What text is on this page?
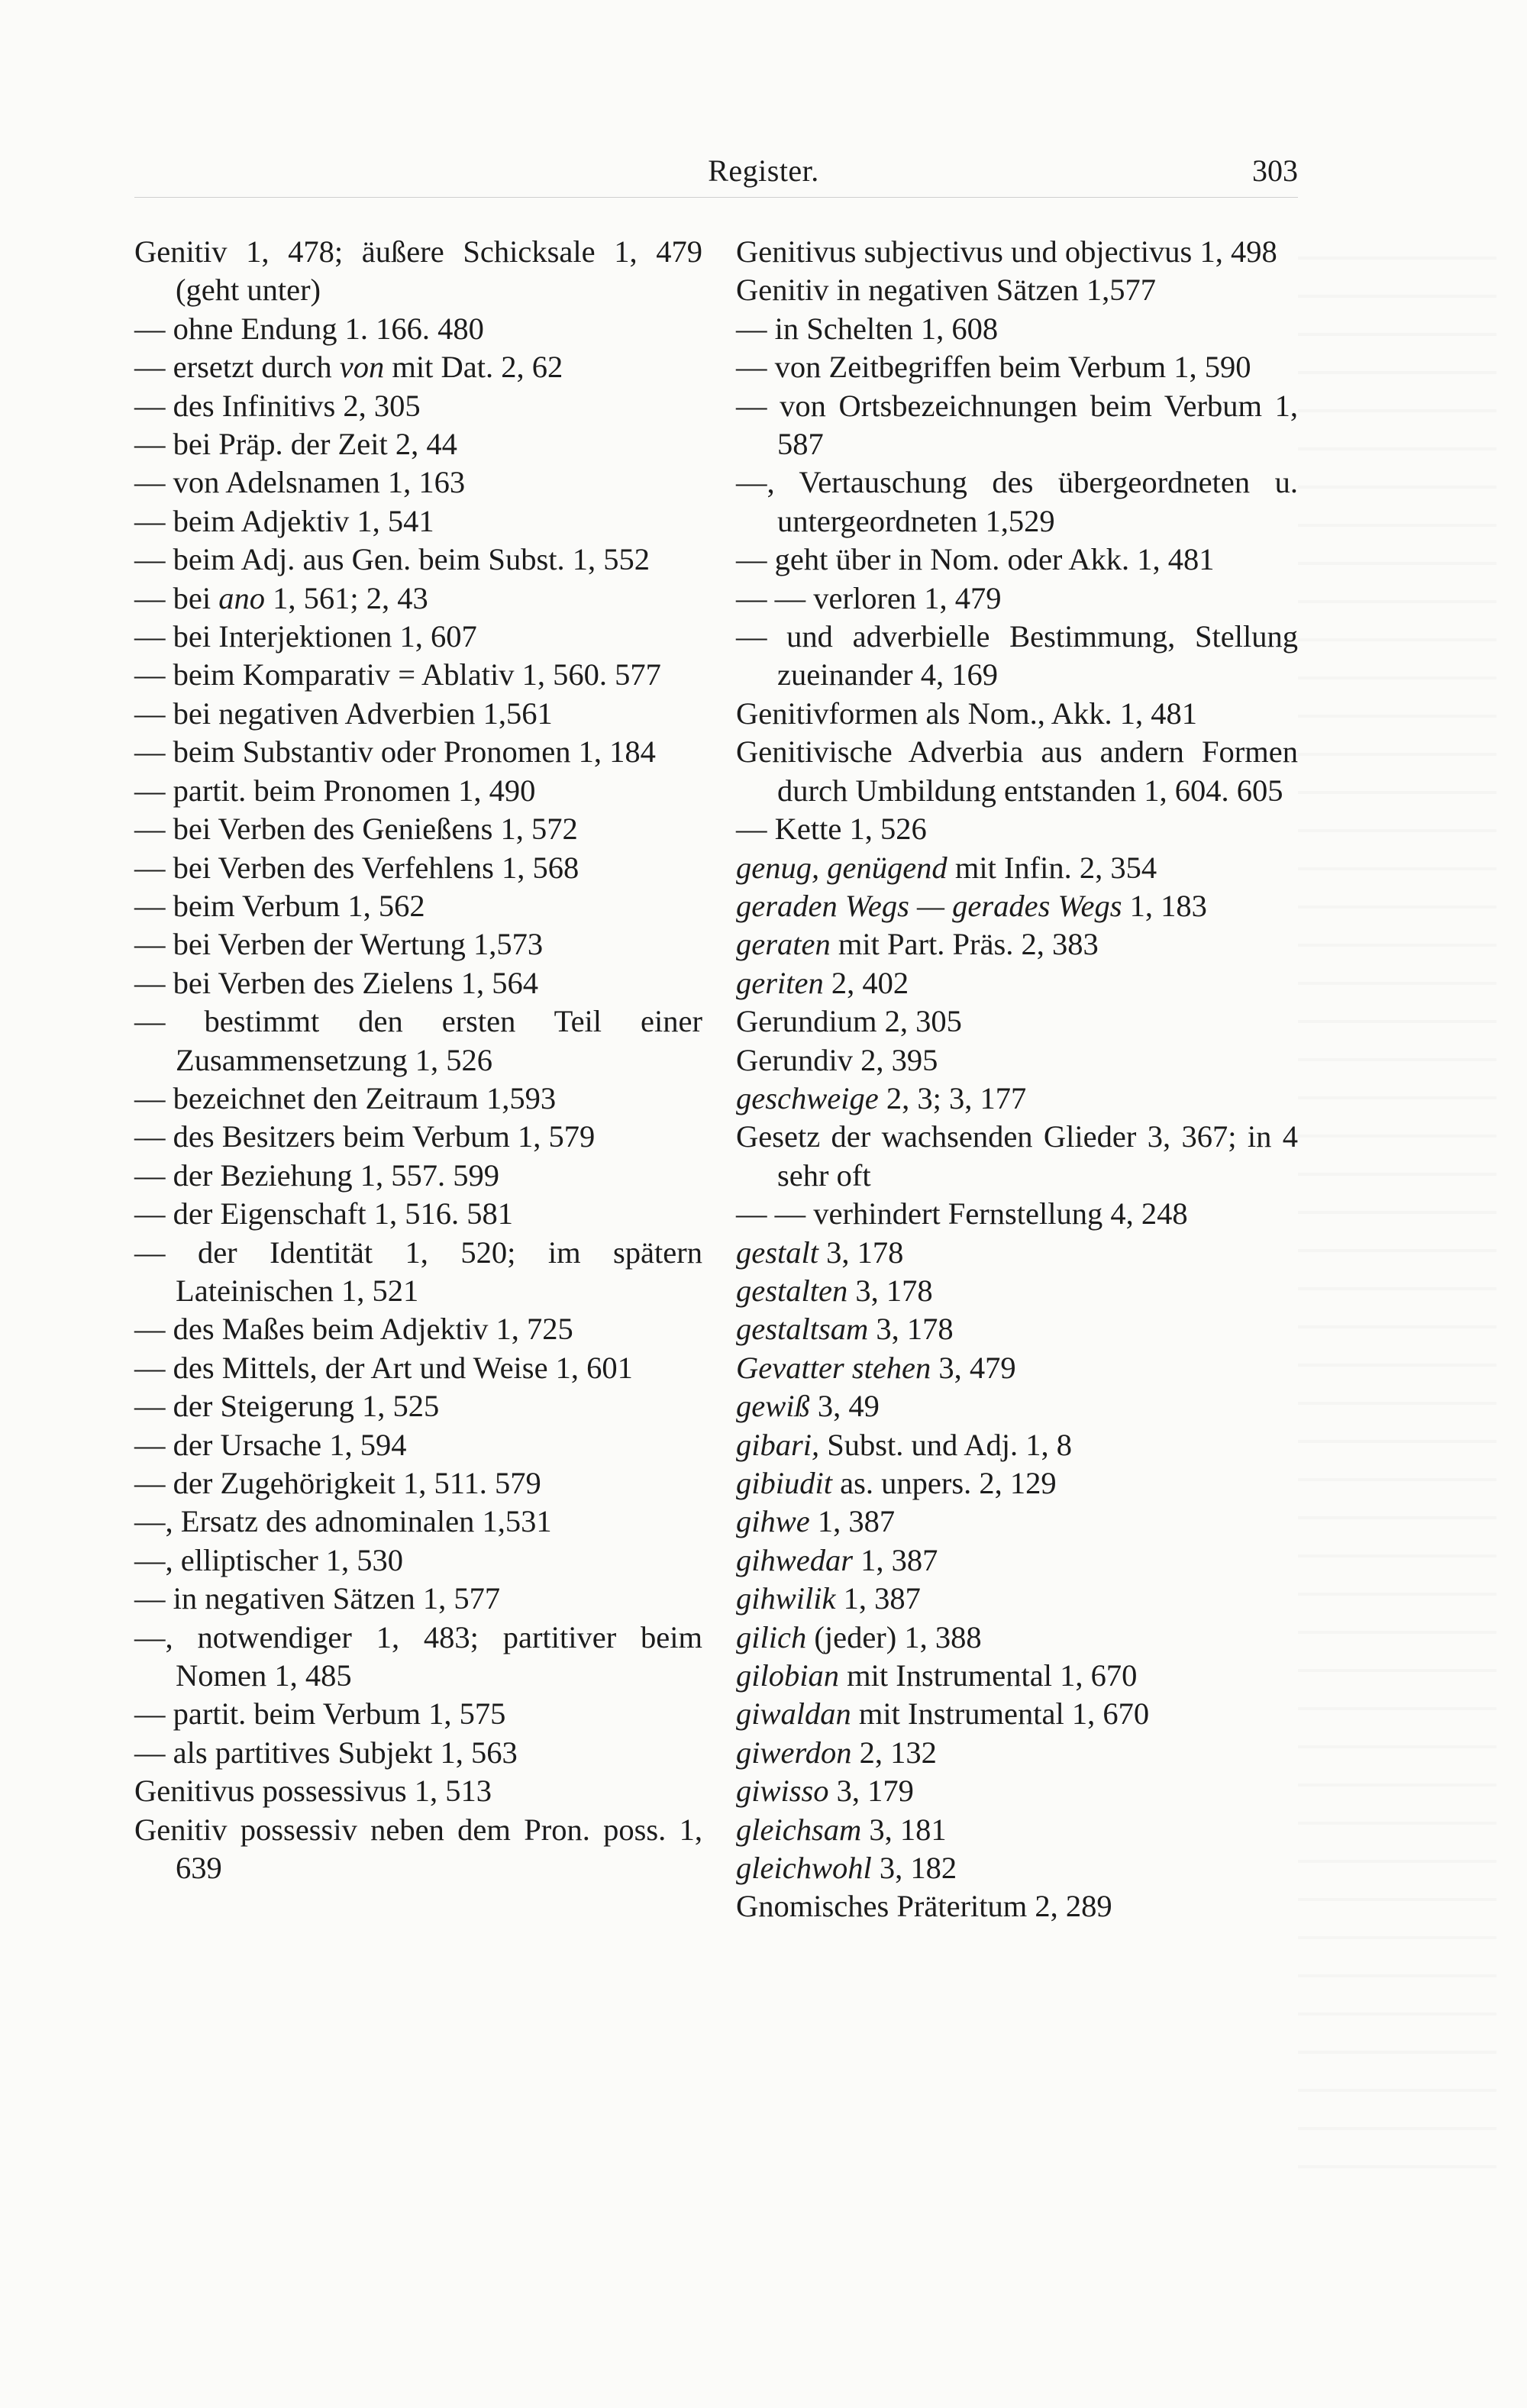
Register.	303
Genitiv 1, 478; äußere Schicksale 1, 479 (geht unter)
— ohne Endung 1. 166. 480
— ersetzt durch von mit Dat. 2, 62
— des Infinitivs 2, 305
— bei Präp. der Zeit 2, 44
— von Adelsnamen 1, 163
— beim Adjektiv 1, 541
— beim Adj. aus Gen. beim Subst. 1, 552
— bei ano 1, 561; 2, 43
— bei Interjektionen 1, 607
— beim Komparativ = Ablativ 1, 560. 577
— bei negativen Adverbien 1,561
— beim Substantiv oder Pronomen 1, 184
— partit. beim Pronomen 1, 490
— bei Verben des Genießens 1, 572
— bei Verben des Verfehlens 1, 568
— beim Verbum 1, 562
— bei Verben der Wertung 1,573
— bei Verben des Zielens 1, 564
— bestimmt den ersten Teil einer Zusammensetzung 1, 526
— bezeichnet den Zeitraum 1,593
— des Besitzers beim Verbum 1, 579
— der Beziehung 1, 557. 599
— der Eigenschaft 1, 516. 581
— der Identität 1, 520; im spätern Lateinischen 1, 521
— des Maßes beim Adjektiv 1, 725
— des Mittels, der Art und Weise 1, 601
— der Steigerung 1, 525
— der Ursache 1, 594
— der Zugehörigkeit 1, 511. 579
—, Ersatz des adnominalen 1,531
—, elliptischer 1, 530
— in negativen Sätzen 1, 577
—, notwendiger 1, 483; partitiver beim Nomen 1, 485
— partit. beim Verbum 1, 575
— als partitives Subjekt 1, 563
Genitivus possessivus 1, 513
Genitiv possessiv neben dem Pron. poss. 1, 639
Genitivus subjectivus und objectivus 1, 498
Genitiv in negativen Sätzen 1,577
— in Schelten 1, 608
— von Zeitbegriffen beim Verbum 1, 590
— von Ortsbezeichnungen beim Verbum 1, 587
—, Vertauschung des übergeordneten u. untergeordneten 1,529
— geht über in Nom. oder Akk. 1, 481
— — verloren 1, 479
— und adverbielle Bestimmung, Stellung zueinander 4, 169
Genitivformen als Nom., Akk. 1, 481
Genitivische Adverbia aus andern Formen durch Umbildung entstanden 1, 604. 605
— Kette 1, 526
genug, genügend mit Infin. 2, 354
geraden Wegs — gerades Wegs 1, 183
geraten mit Part. Präs. 2, 383
geriten 2, 402
Gerundium 2, 305
Gerundiv 2, 395
geschweige 2, 3; 3, 177
Gesetz der wachsenden Glieder 3, 367; in 4 sehr oft
— — verhindert Fernstellung 4, 248
gestalt 3, 178
gestalten 3, 178
gestaltsam 3, 178
Gevatter stehen 3, 479
gewiß 3, 49
gibari, Subst. und Adj. 1, 8
gibiudit as. unpers. 2, 129
gihwe 1, 387
gihwedar 1, 387
gihwilik 1, 387
gilich (jeder) 1, 388
gilobian mit Instrumental 1, 670
giwaldan mit Instrumental 1, 670
giwerdon 2, 132
giwisso 3, 179
gleichsam 3, 181
gleichwohl 3, 182
Gnomisches Präteritum 2, 289
